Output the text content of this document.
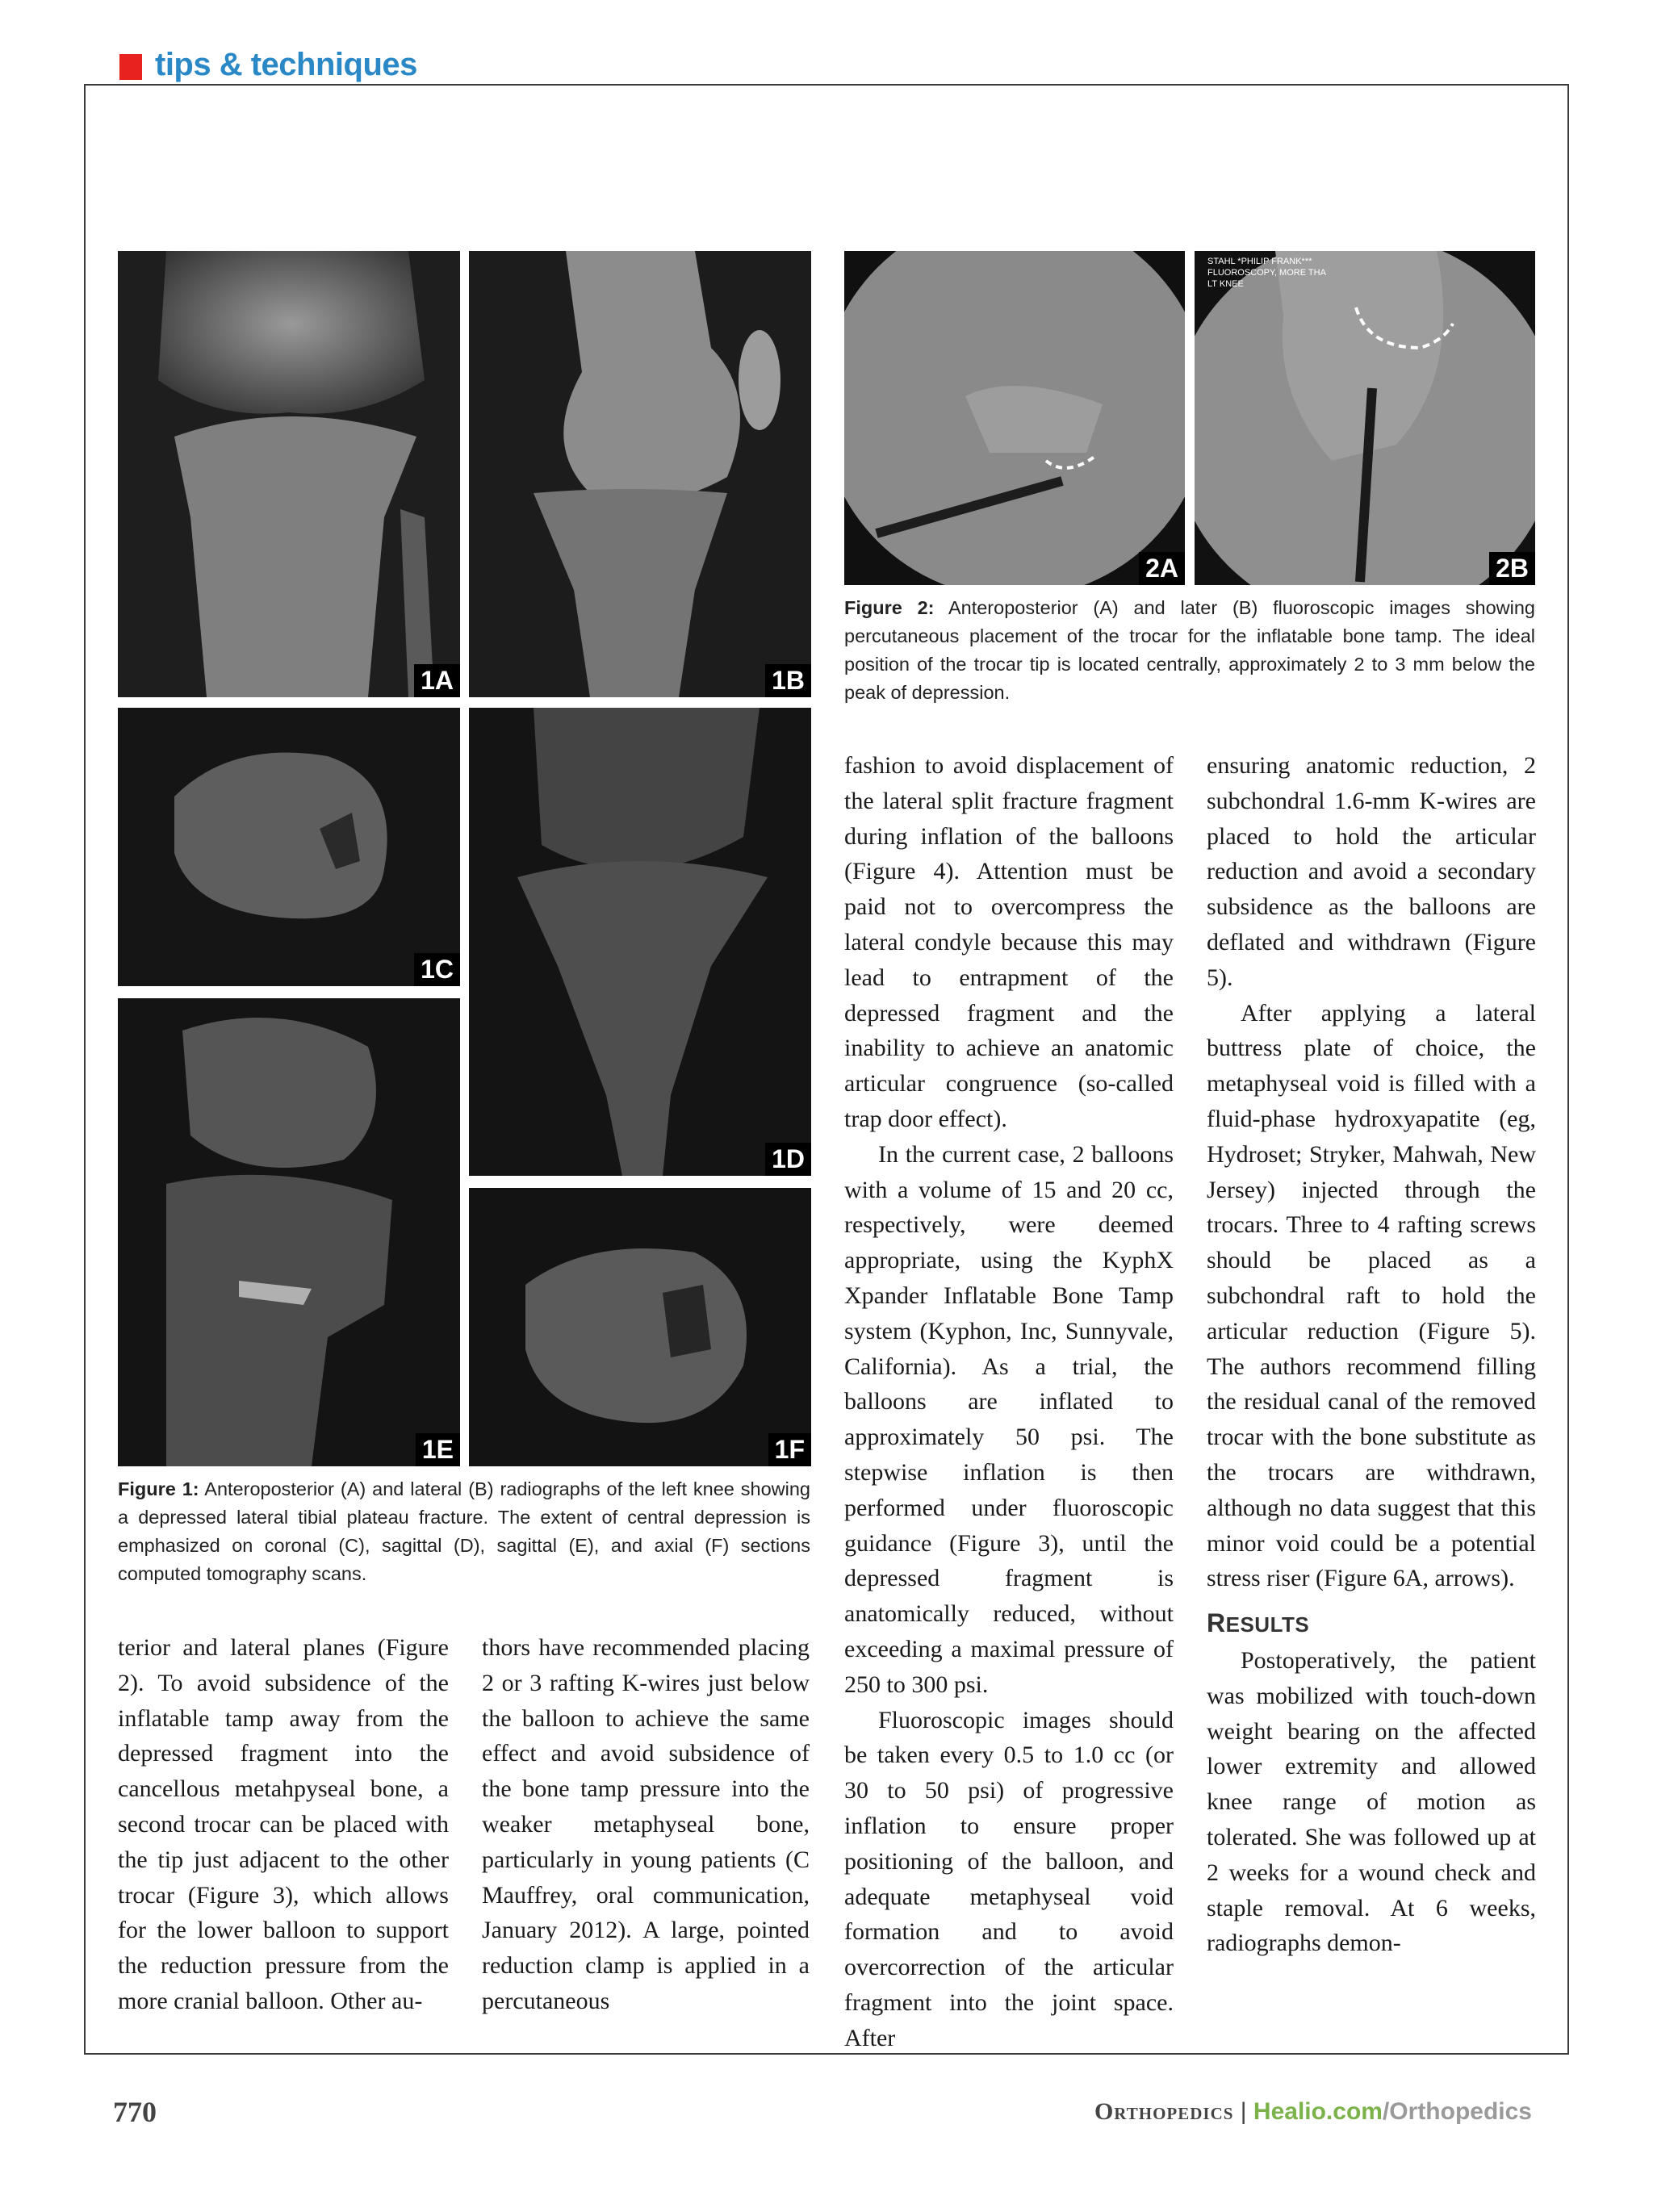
tips & techniques
1A	1B
1C
1D
1E	1F
Figure 1: Anteroposterior (A) and lateral (B) radiographs of the left knee showing a depressed lateral tibial plateau fracture. The extent of central depression is emphasized on coronal (C), sagittal (D), sagittal (E), and axial (F) sections computed tomography scans.
2A	2B
STAHL *PHILIP FRANK***
FLUOROSCOPY, MORE THA
LT KNEE
Figure 2: Anteroposterior (A) and later (B) fluoroscopic images showing percutaneous placement of the trocar for the inflatable bone tamp. The ideal position of the trocar tip is located centrally, approximately 2 to 3 mm below the peak of depression.

terior and lateral planes (Figure 2). To avoid subsidence of the inflatable tamp away from the depressed fragment into the cancellous metahpyseal bone, a second trocar can be placed with the tip just adjacent to the other trocar (Figure 3), which allows for the lower balloon to support the reduction pressure from the more cranial balloon. Other au-

thors have recommended placing 2 or 3 rafting K-wires just below the balloon to achieve the same effect and avoid subsidence of the bone tamp pressure into the weaker metaphyseal bone, particularly in young patients (C Mauffrey, oral communication, January 2012). A large, pointed reduction clamp is applied in a percutaneous

fashion to avoid displacement of the lateral split fracture fragment during inflation of the balloons (Figure 4). Attention must be paid not to overcompress the lateral condyle because this may lead to entrapment of the depressed fragment and the inability to achieve an anatomic articular congruence (so-called trap door effect).

In the current case, 2 balloons with a volume of 15 and 20 cc, respectively, were deemed appropriate, using the KyphX Xpander Inflatable Bone Tamp system (Kyphon, Inc, Sunnyvale, California). As a trial, the balloons are inflated to approximately 50 psi. The stepwise inflation is then performed under fluoroscopic guidance (Figure 3), until the depressed fragment is anatomically reduced, without exceeding a maximal pressure of 250 to 300 psi.

Fluoroscopic images should be taken every 0.5 to 1.0 cc (or 30 to 50 psi) of progressive inflation to ensure proper positioning of the balloon, and adequate metaphyseal void formation and to avoid overcorrection of the articular fragment into the joint space. After

ensuring anatomic reduction, 2 subchondral 1.6-mm K-wires are placed to hold the articular reduction and avoid a secondary subsidence as the balloons are deflated and withdrawn (Figure 5).

After applying a lateral buttress plate of choice, the metaphyseal void is filled with a fluid-phase hydroxyapatite (eg, Hydroset; Stryker, Mahwah, New Jersey) injected through the trocars. Three to 4 rafting screws should be placed as a subchondral raft to hold the articular reduction (Figure 5). The authors recommend filling the residual canal of the removed trocar with the bone substitute as the trocars are withdrawn, although no data suggest that this minor void could be a potential stress riser (Figure 6A, arrows).

RESULTS

Postoperatively, the patient was mobilized with touch-down weight bearing on the affected lower extremity and allowed knee range of motion as tolerated. She was followed up at 2 weeks for a wound check and staple removal. At 6 weeks, radiographs demon-

770	Orthopedics | Healio.com/Orthopedics
